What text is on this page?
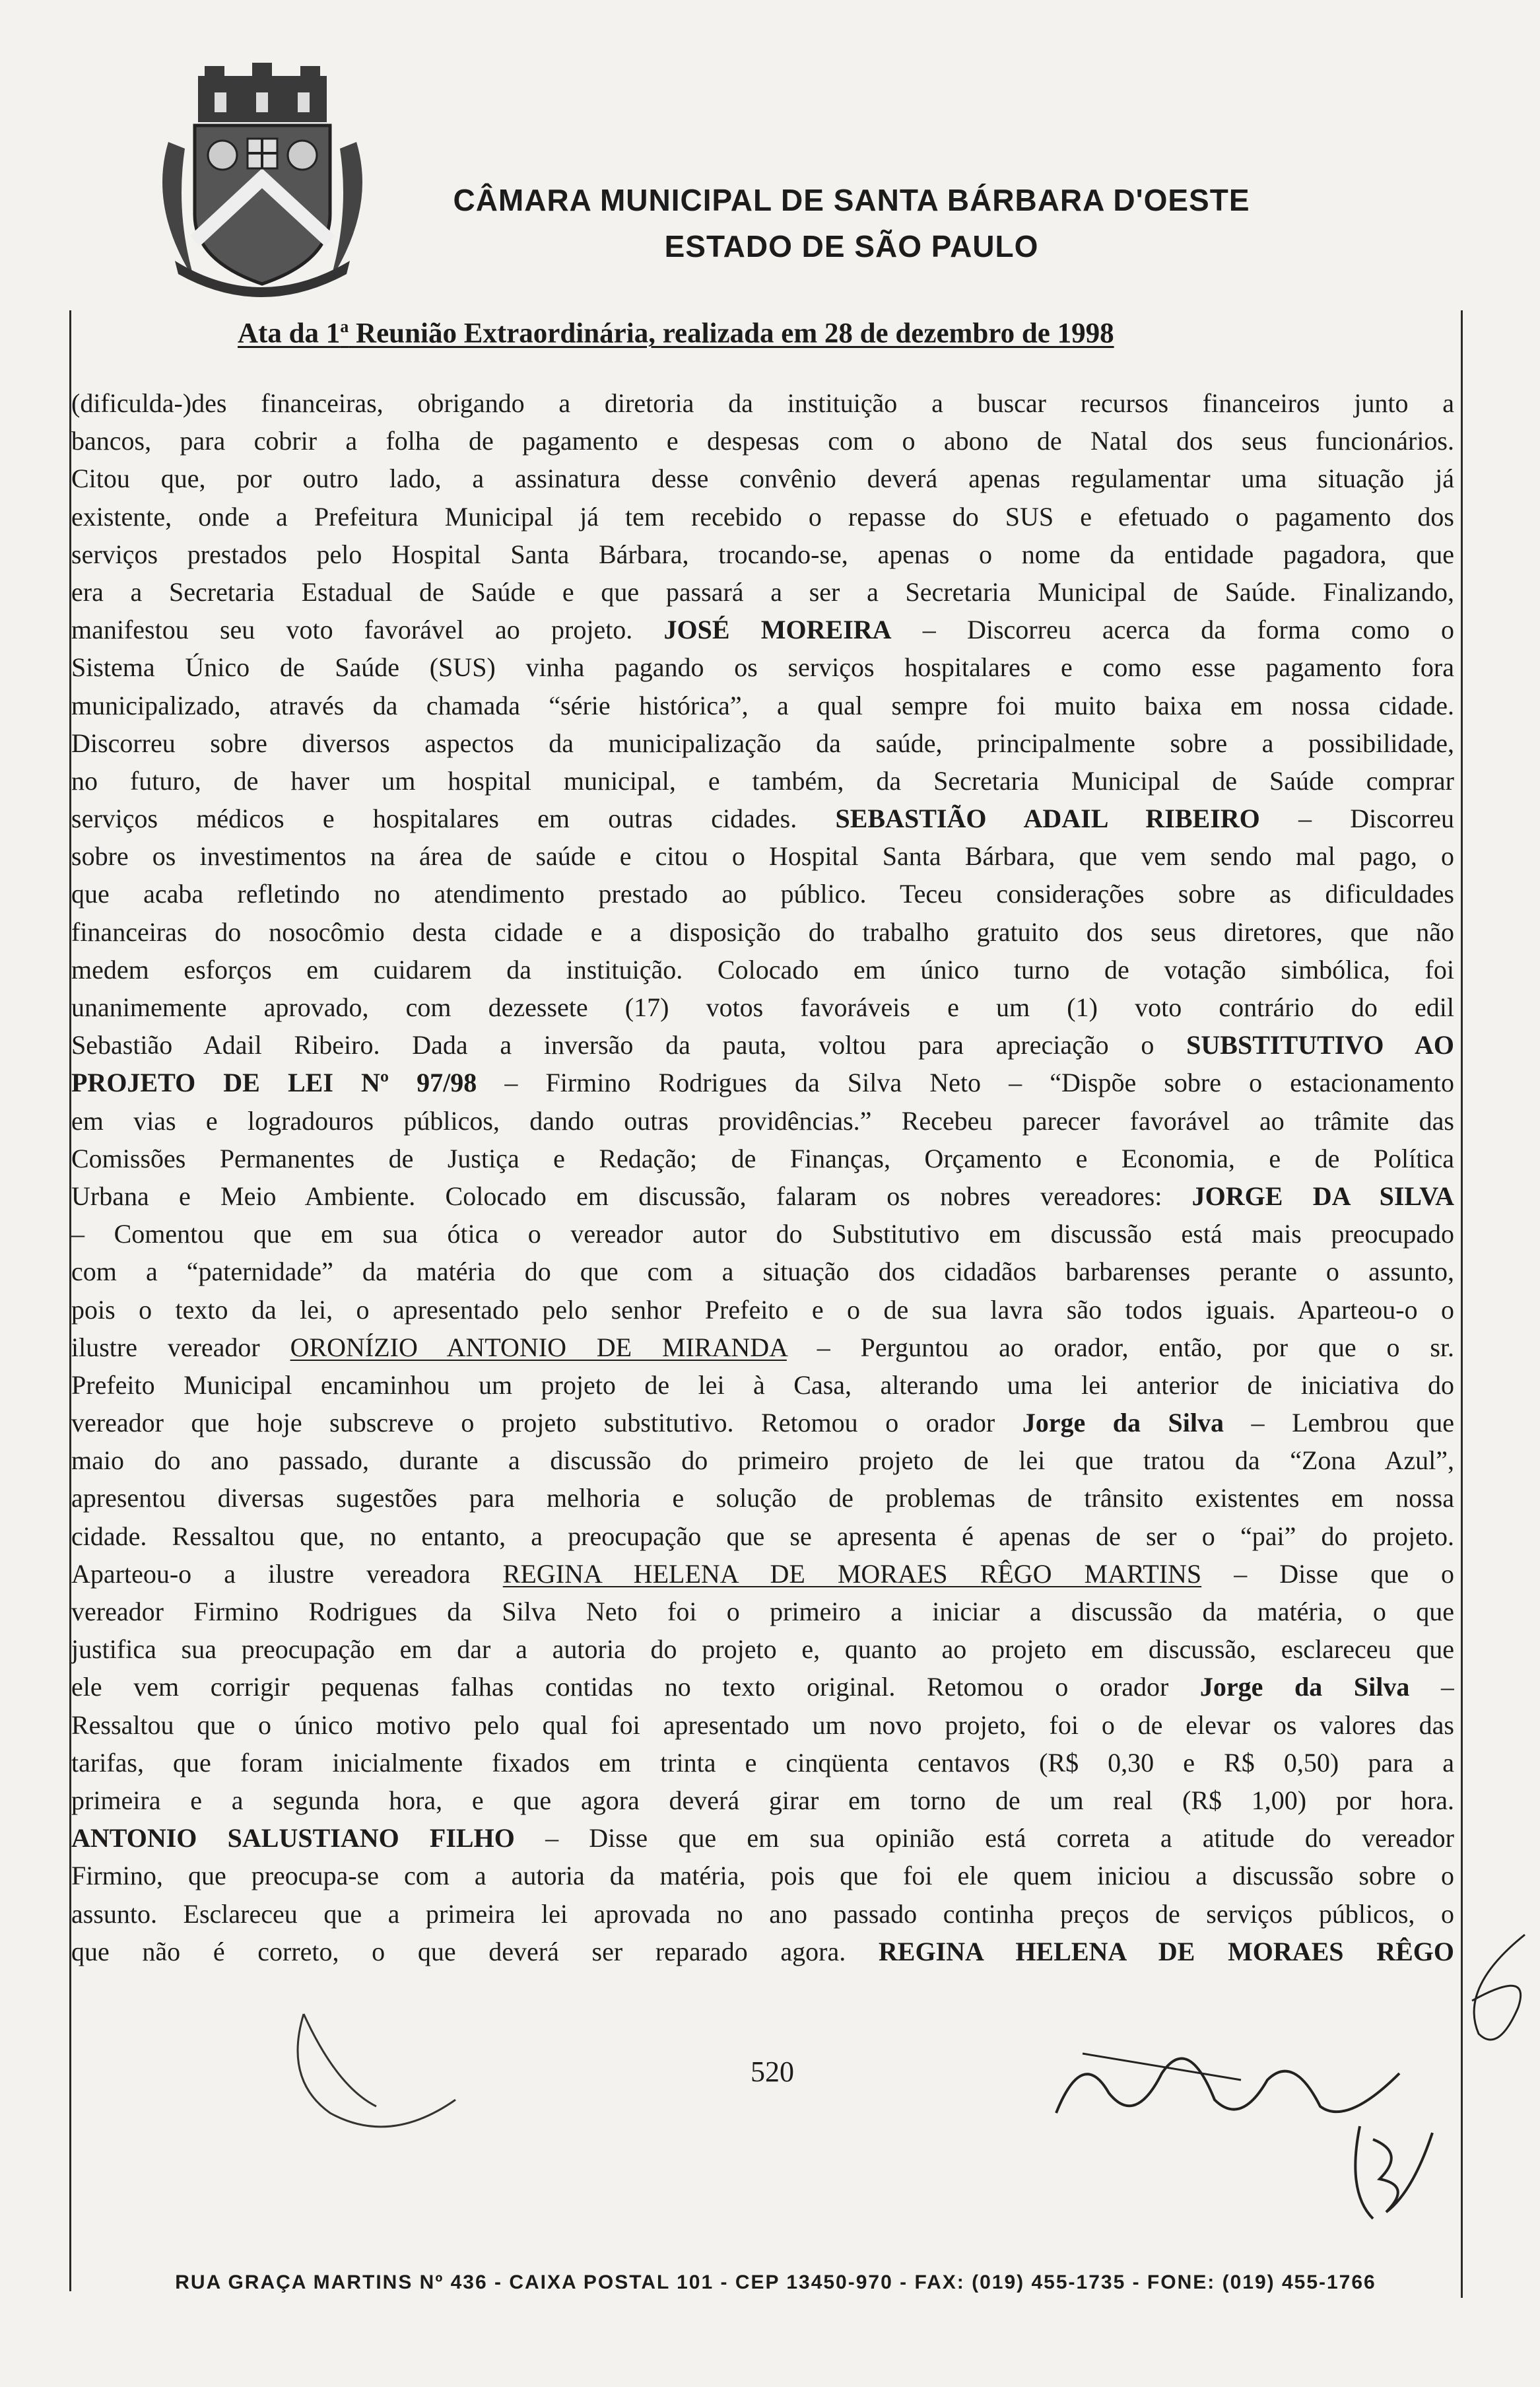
CÂMARA MUNICIPAL DE SANTA BÁRBARA D'OESTE
ESTADO DE SÃO PAULO
Ata da 1$^a$ Reunião Extraordinária, realizada em 28 de dezembro de 1998
(dificulda-)des financeiras, obrigando a diretoria da instituição a buscar recursos financeiros junto a
bancos, para cobrir a folha de pagamento e despesas com o abono de Natal dos seus funcionários.
Citou que, por outro lado, a assinatura desse convênio deverá apenas regulamentar uma situação já
existente, onde a Prefeitura Municipal já tem recebido o repasse do SUS e efetuado o pagamento dos
serviços prestados pelo Hospital Santa Bárbara, trocando-se, apenas o nome da entidade pagadora, que
era a Secretaria Estadual de Saúde e que passará a ser a Secretaria Municipal de Saúde. Finalizando,
manifestou seu voto favorável ao projeto. JOSÉ MOREIRA – Discorreu acerca da forma como o
Sistema Único de Saúde (SUS) vinha pagando os serviços hospitalares e como esse pagamento fora
municipalizado, através da chamada “série histórica”, a qual sempre foi muito baixa em nossa cidade.
Discorreu sobre diversos aspectos da municipalização da saúde, principalmente sobre a possibilidade,
no futuro, de haver um hospital municipal, e também, da Secretaria Municipal de Saúde comprar
serviços médicos e hospitalares em outras cidades. SEBASTIÃO ADAIL RIBEIRO – Discorreu
sobre os investimentos na área de saúde e citou o Hospital Santa Bárbara, que vem sendo mal pago, o
que acaba refletindo no atendimento prestado ao público. Teceu considerações sobre as dificuldades
financeiras do nosocômio desta cidade e a disposição do trabalho gratuito dos seus diretores, que não
medem esforços em cuidarem da instituição. Colocado em único turno de votação simbólica, foi
unanimemente aprovado, com dezessete (17) votos favoráveis e um (1) voto contrário do edil
Sebastião Adail Ribeiro. Dada a inversão da pauta, voltou para apreciação o SUBSTITUTIVO AO
PROJETO DE LEI Nº 97/98 – Firmino Rodrigues da Silva Neto – “Dispõe sobre o estacionamento
em vias e logradouros públicos, dando outras providências.” Recebeu parecer favorável ao trâmite das
Comissões Permanentes de Justiça e Redação; de Finanças, Orçamento e Economia, e de Política
Urbana e Meio Ambiente. Colocado em discussão, falaram os nobres vereadores: JORGE DA SILVA
– Comentou que em sua ótica o vereador autor do Substitutivo em discussão está mais preocupado
com a “paternidade” da matéria do que com a situação dos cidadãos barbarenses perante o assunto,
pois o texto da lei, o apresentado pelo senhor Prefeito e o de sua lavra são todos iguais. Aparteou-o o
ilustre vereador ORONÍZIO ANTONIO DE MIRANDA – Perguntou ao orador, então, por que o sr.
Prefeito Municipal encaminhou um projeto de lei à Casa, alterando uma lei anterior de iniciativa do
vereador que hoje subscreve o projeto substitutivo. Retomou o orador Jorge da Silva – Lembrou que
maio do ano passado, durante a discussão do primeiro projeto de lei que tratou da “Zona Azul”,
apresentou diversas sugestões para melhoria e solução de problemas de trânsito existentes em nossa
cidade. Ressaltou que, no entanto, a preocupação que se apresenta é apenas de ser o “pai” do projeto.
Aparteou-o a ilustre vereadora REGINA HELENA DE MORAES RÊGO MARTINS – Disse que o
vereador Firmino Rodrigues da Silva Neto foi o primeiro a iniciar a discussão da matéria, o que
justifica sua preocupação em dar a autoria do projeto e, quanto ao projeto em discussão, esclareceu que
ele vem corrigir pequenas falhas contidas no texto original. Retomou o orador Jorge da Silva –
Ressaltou que o único motivo pelo qual foi apresentado um novo projeto, foi o de elevar os valores das
tarifas, que foram inicialmente fixados em trinta e cinqüenta centavos (R$ 0,30 e R$ 0,50) para a
primeira e a segunda hora, e que agora deverá girar em torno de um real (R$ 1,00) por hora.
ANTONIO SALUSTIANO FILHO – Disse que em sua opinião está correta a atitude do vereador
Firmino, que preocupa-se com a autoria da matéria, pois que foi ele quem iniciou a discussão sobre o
assunto. Esclareceu que a primeira lei aprovada no ano passado continha preços de serviços públicos, o
que não é correto, o que deverá ser reparado agora. REGINA HELENA DE MORAES RÊGO
520
RUA GRAÇA MARTINS Nº 436 - CAIXA POSTAL 101 - CEP 13450-970 - FAX: (019) 455-1735 - FONE: (019) 455-1766
